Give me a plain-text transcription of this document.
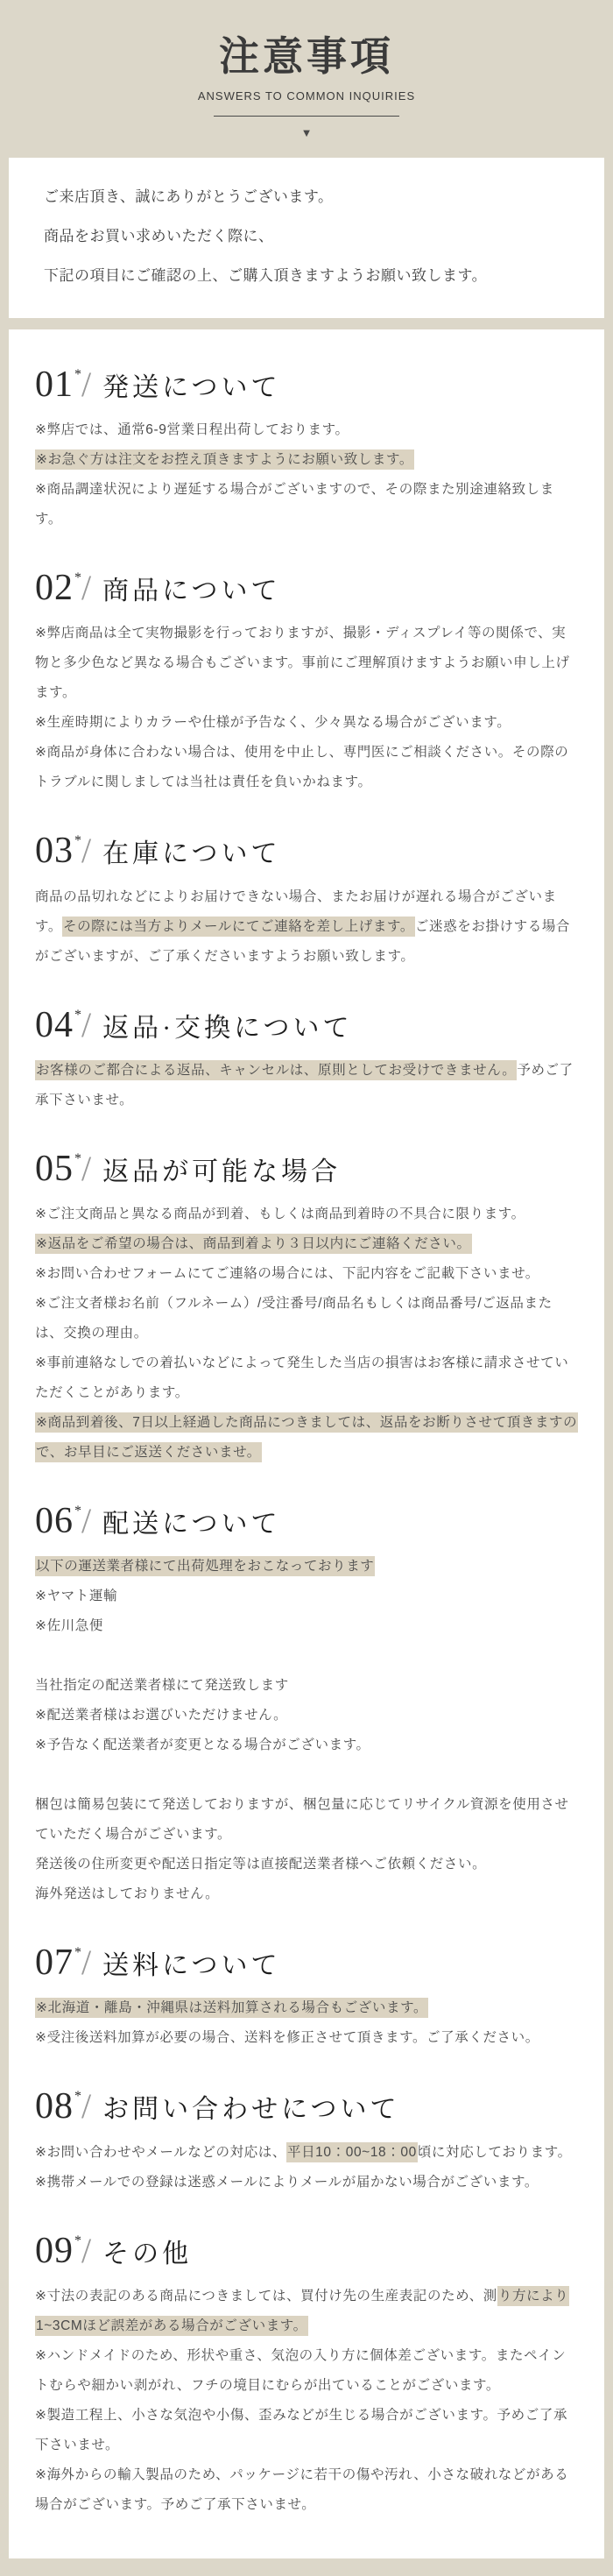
注意事項
ANSWERS TO COMMON INQUIRIES
▼

ご来店頂き、誠にありがとうございます。

商品をお買い求めいただく際に、

下記の項目にご確認の上、ご購入頂きますようお願い致します。

01*/ 発送について

※弊店では、通常6-9営業日程出荷しております。

※お急ぐ方は注文をお控え頂きますようにお願い致します。

※商品調達状況により遅延する場合がございますので、その際また別途連絡致します。

02*/ 商品について

※弊店商品は全て実物撮影を行っておりますが、撮影・ディスプレイ等の関係で、実物と多少色など異なる場合もございます。事前にご理解頂けますようお願い申し上げます。

※生産時期によりカラーや仕様が予告なく、少々異なる場合がございます。

※商品が身体に合わない場合は、使用を中止し、専門医にご相談ください。その際のトラブルに関しましては当社は責任を負いかねます。

03*/ 在庫について

商品の品切れなどによりお届けできない場合、またお届けが遅れる場合がございます。その際には当方よりメールにてご連絡を差し上げます。ご迷惑をお掛けする場合がございますが、ご了承くださいますようお願い致します。

04*/ 返品·交換について

お客様のご都合による返品、キャンセルは、原則としてお受けできません。予めご了承下さいませ。

05*/ 返品が可能な場合

※ご注文商品と異なる商品が到着、もしくは商品到着時の不具合に限ります。

※返品をご希望の場合は、商品到着より３日以内にご連絡ください。

※お問い合わせフォームにてご連絡の場合には、下記内容をご記載下さいませ。

※ご注文者様お名前（フルネーム）/受注番号/商品名もしくは商品番号/ご返品または、交換の理由。

※事前連絡なしでの着払いなどによって発生した当店の損害はお客様に請求させていただくことがあります。

※商品到着後、7日以上経過した商品につきましては、返品をお断りさせて頂きますので、お早目にご返送くださいませ。

06*/ 配送について

以下の運送業者様にて出荷処理をおこなっております

※ヤマト運輸

※佐川急便

当社指定の配送業者様にて発送致します

※配送業者様はお選びいただけません。

※予告なく配送業者が変更となる場合がございます。

梱包は簡易包装にて発送しておりますが、梱包量に応じてリサイクル資源を使用させていただく場合がございます。

発送後の住所変更や配送日指定等は直接配送業者様へご依頼ください。

海外発送はしておりません。

07*/ 送料について

※北海道・離島・沖縄県は送料加算される場合もございます。

※受注後送料加算が必要の場合、送料を修正させて頂きます。ご了承ください。

08*/ お問い合わせについて

※お問い合わせやメールなどの対応は、平日10：00~18：00頃に対応しております。

※携帯メールでの登録は迷惑メールによりメールが届かない場合がございます。

09*/ その他

※寸法の表記のある商品につきましては、買付け先の生産表記のため、測り方により1~3CMほど誤差がある場合がございます。

※ハンドメイドのため、形状や重さ、気泡の入り方に個体差ございます。またペイントむらや細かい剥がれ、フチの境目にむらが出ていることがございます。

※製造工程上、小さな気泡や小傷、歪みなどが生じる場合がございます。予めご了承下さいませ。

※海外からの輸入製品のため、パッケージに若干の傷や汚れ、小さな破れなどがある場合がございます。予めご了承下さいませ。
